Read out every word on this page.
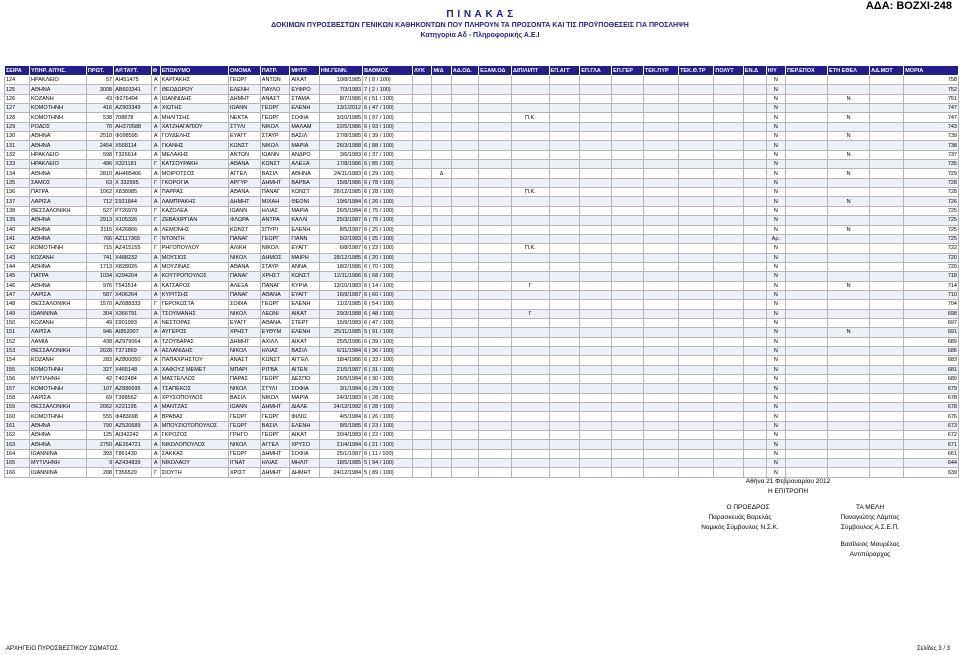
ΑΔΑ: ΒΟΖΧΙ-248
Π Ι Ν Α Κ Α Σ
ΔΟΚΙΜΩΝ ΠΥΡΟΣΒΕΣΤΩΝ ΓΕΝΙΚΩΝ ΚΑΘΗΚΟΝΤΩΝ ΠΟΥ ΠΛΗΡΟΥΝ ΤΑ ΠΡΟΣΟΝΤΑ ΚΑΙ ΤΙΣ ΠΡΟΫΠΟΘΕΣΕΙΣ ΓΙΑ ΠΡΟΣΛΗΨΗ
Κατηγορία Αδ - Πληροφορικής Α.Ε.Ι
ΣΕΙΡΑ	ΥΠΗΡ. ΑΙΤΗΣ.	ΠΡΩΤ.	ΑΡ.ΤΑΥΤ.	Φ	ΕΠΩΝΥΜΟ	ΟΝΟΜΑ	ΠΑΤΡ.	ΜΗΤΡ.	ΗΜ.ΓΕΝΝ.	ΒΑΘΜΟΣ	ΛΥΚ	Μ/Δ	ΑΔ.ΟΔ.	ΕΞΑΜ.ΟΔ	ΔΙΠ/ΛΙ/ΠΤ	ΕΠ.ΑΓΓ	ΕΠ.ΓΛΑ	ΕΠ.ΓΕΡ	ΤΕΚ.ΠΥΡ	ΤΕΚ.Θ.ΤΡ	ΠΟΛΥΤ	ΕΝ.Δ	Η/Υ	ΠΕΡ.ΕΠΟΧ	ΕΤΗ ΕΘΕΛ	ΑΔ.ΜΟΤ	ΜΟΡΙΑ
124	ΗΡΑΚΛΕΙΟ	57	ΑΙ451475	Α	ΚΑΡΓΑΚΗΣ	ΓΕΩΡΓ	ΑΝΤΩΝ	ΑΙΚΑΤ	10/8/1985	7 ( 8 / 100)													N				758
125	ΑΘΗΝΑ	3008	ΑΒ603341	Γ	ΘΕΟΔΩΡΟΥ	ΕΛΕΝΗ	ΠΑΥΛΟ	ΕΥΦΡΟ	7/3/1983	7 ( 2 / 100)													N				752
126	ΚΟΖΑΝΗ	43	Φ276404	Α	ΙΩΑΝΝΙΔΗΣ	ΔΗΜΗΤ	ΑΝΑΣΤ	ΣΤΑΜΑ	8/7/1986	6 ( 51 / 100)													N		N		751
127	ΚΟΜΟΤΗΝΗ	416	ΑΖ903349	Α	ΧΙΩΤΗΣ	ΙΩΑΝΝ	ΓΕΩΡΓ	ΕΛΕΝΗ	13/1/2012	6 ( 47 / 100)													N				747
128	ΚΟΜΟΤΗΝΗ	538	708878	Α	ΜΗΛΙΤΣΗΣ	ΝΕΚΤΑ	ΓΕΩΡΓ	ΣΟΦΙΑ	3/10/1985	5 ( 97 / 100)					Π.Κ.								N		N		747
129	ΡΟΔΟΣ	70	ΑΗ370588	Α	ΧΑΤΖΗΑΓΑΠΙΟΥ	ΣΤΥΛΙ	ΝΙΚΟΛ	ΜΑΛΑΜ	22/5/1986	6 ( 93 / 100)													N				743
130	ΑΘΗΝΑ	2510	Φ098595	Α	ΓΟΥΔΕΛΗΣ	ΕΥΑΓΓ	ΣΤΑΥΡ	ΒΑΣΙΛ	27/8/1985	6 ( 39 / 100)													N		N		739
131	ΑΘΗΝΑ	2454	Χ568114	Α	ΓΚΑΝΗΣ	ΚΩΝΣΤ	ΝΙΚΟΛ	ΜΑΡΙΑ	26/3/1988	6 ( 88 / 100)													N				738
132	ΗΡΑΚΛΕΙΟ	598	Τ326614	Α	ΜΕΛΑΚΗΣ	ΑΝΤΩΝ	ΙΩΑΝΝ	ΑΝΔΡΟ	3/6/1983	6 ( 37 / 100)													N		N		737
133	ΗΡΑΚΛΕΙΟ	496	Χ321181	Γ	ΚΑΤΣΟΥΡΑΚΗ	ΑΘΑΝΑ	ΚΩΝΣΤ	ΑΛΕΞΑ	17/8/1986	6 ( 85 / 100)													N				735
134	ΑΘΗΝΑ	2810	ΑΗ485406	Α	ΜΟΙΡΟΤΣΟΣ	ΑΓΓΕΛ	ΒΑΣΙΛ	ΑΘΗΝΑ	24/11/1983	6 ( 29 / 100)		Δ											N		N		729
135	ΣΑΜΟΣ	63	Χ 332995	Γ	ΓΚΟΡΟΓΙΑ	ΑΡΓΥΡ	ΔΗΜΗΤ	ΒΑΡΒΑ	15/8/1986	6 ( 78 / 100)													N				728
136	ΠΑΤΡΑ	1062	Χ838985	Α	ΠΑΡΡΑΣ	ΑΘΑΝΑ	ΠΑΝΑΓ	ΚΩΝΣΤ	26/12/1985	6 ( 28 / 100)					Π.Κ.								N				728
137	ΛΑΡΙΣΑ	712	Σ921844	Α	ΛΑΜΠΡΑΚΗΣ	ΔΗΜΗΤ	ΜΙΧΑΗ	ΘΕΟΝΙ	19/6/1984	6 ( 26 / 100)													N		N		726
138	ΘΕΣΣΑΛΟΝΙΚΗ	527	Ρ726979	Γ	ΚΑΖΟΛΕΑ	ΙΩΑΝΝ	ΗΛΙΑΣ	ΜΑΡΙΑ	26/5/1984	6 ( 75 / 100)													N				725
139	ΑΘΗΝΑ	2913	Χ105326	Γ	ΖΕΒΑΧΙΡΓΙΑΝ	ΦΛΩΡΑ	ΑΝΤΡΑ	ΚΑΛΛΙ	25/3/1987	6 ( 75 / 100)													N				725
140	ΑΘΗΝΑ	3115	Χ426866	Α	ΛΕΜΟΝΗΣ	ΚΩΝΣΤ	ΣΠΥΡΙ	ΕΛΕΝΗ	8/5/1987	6 ( 25 / 100)													N		N		725
141	ΑΘΗΝΑ	766	ΑΖ117365	Γ	ΝΤΟΝΤΗ	ΠΑΝΑΓ	ΓΕΩΡΓ	ΓΙΑΝΝ	5/2/1983	6 ( 25 / 100)													Αρ.				725
142	ΚΟΜΟΤΗΝΗ	715	ΑΖ415155	Γ	ΡΗΓΟΠΟΥΛΟΥ	ΑΛΙΚΗ	ΝΙΚΟΛ	ΕΥΑΓΓ	6/8/1987	6 ( 22 / 100)					Π.Κ.								N				722
143	ΚΟΖΑΝΗ	741	Χ488232	Α	ΜΟΥΣΙΟΣ	ΝΙΚΟΛ	ΔΗΜΟΣ	ΜΑΙΡΗ	28/12/1985	6 ( 20 / 100)													N				720
144	ΑΘΗΝΑ	1713	Χ828026	Α	ΜΟΥΖΙΝΑΣ	ΑΘΑΝΑ	ΣΤΑΥΡ	ΑΝΝΑ	18/2/1986	6 ( 70 / 100)													N				720
145	ΠΑΤΡΑ	1034	Χ294204	Α	ΚΟΥΤΡΟΠΟΥΛΟΣ	ΠΑΝΑΓ	ΧΡΗΣΤ	ΚΩΝΣΤ	12/11/1986	6 ( 68 / 100)													N				718
146	ΑΘΗΝΑ	976	Τ541514	Α	ΚΑΤΣΑΡΟΣ	ΑΛΕΞΑ	ΠΑΝΑΓ	ΚΥΡΙΑ	13/10/1983	6 ( 14 / 100)					Γ								N		N		714
147	ΛΑΡΙΣΑ	587	Χ406264	Α	ΚΥΡΙΤΣΗΣ	ΠΑΝΑΓ	ΑΘΑΝΑ	ΕΥΑΓΓ	16/9/1987	6 ( 60 / 100)													N				710
148	ΘΕΣΣΑΛΟΝΙΚΗ	1570	ΑΖ688333	Γ	ΓΕΡΟΚΩΣΤΑ	ΣΟΦΙΑ	ΓΕΩΡΓ	ΕΛΕΝΗ	11/2/1985	6 ( 54 / 100)													N				704
149	ΙΩΑΝΝΙΝΑ	304	Χ366791	Α	ΤΣΟΥΜΑΝΗΣ	ΝΙΚΟΛ	ΛΕΩΝΙ	ΑΙΚΑΤ	29/3/1988	6 ( 48 / 100)					Γ								N				698
150	ΚΟΖΑΝΗ	49	Σ901993	Α	ΝΕΣΤΟΡΑΣ	ΕΥΑΓΓ	ΑΘΑΝΑ	ΣΤΕΡΓ	15/9/1983	6 ( 47 / 100)													N				697
151	ΛΑΡΙΣΑ	946	ΑΙ852007	Α	ΑΥΓΕΡΟΣ	ΧΡΗΣΤ	ΕΥΘΥΜ	ΕΛΕΝΗ	25/11/1985	5 ( 91 / 100)													N		N		691
152	ΛΑΜΙΑ	438	ΑΖ979064	Α	ΤΖΟΥΒΑΡΑΣ	ΔΗΜΗΤ	ΑΧΙΛΛ	ΑΙΚΑΤ	25/5/1986	6 ( 39 / 100)													N				689
153	ΘΕΣΣΑΛΟΝΙΚΗ	2028	Τ371869	Α	ΑΣΛΑΝΙΔΗΣ	ΝΙΚΟΛ	ΗΛΙΑΣ	ΒΑΣΙΛ	6/11/1984	6 ( 36 / 100)													N				686
154	ΚΟΖΑΝΗ	283	ΑΖ800050	Α	ΠΑΠΑΧΡΗΣΤΟΥ	ΑΝΑΣΤ	ΚΩΝΣΤ	ΑΓΓΕΛ	18/4/1986	6 ( 33 / 100)													N				683
155	ΚΟΜΟΤΗΝΗ	327	Χ465148	Α	ΧΑΦΟΥΖ ΜΕΜΕΤ	ΜΠΑΡΙ	ΡΙΤΒΑ	ΑΙΤΕΝ	21/5/1987	6 ( 31 / 100)													N				681
156	ΜΥΤΙΛΗΝΗ	42	Τ402484	Α	ΜΑΣΤΕΛΛΟΣ	ΠΑΡΑΣ	ΓΕΩΡΓ	ΔΕΣΠΟ	26/5/1984	6 ( 30 / 100)													N				680
157	ΚΟΜΟΤΗΝΗ	107	ΑΖ886695	Α	ΤΣΑΠΕΚΟΣ	ΝΙΚΟΛ	ΣΤΥΛΙ	ΣΟΦΙΑ	3/1/1984	6 ( 29 / 100)													N				679
158	ΛΑΡΙΣΑ	69	Τ398562	Α	ΧΡΥΣΟΠΟΥΛΟΣ	ΒΑΣΙΛ	ΝΙΚΟΛ	ΜΑΡΙΑ	24/3/1983	6 ( 28 / 100)													N				678
159	ΘΕΣΣΑΛΟΝΙΚΗ	2062	Χ221195	Α	ΜΑΝΤΖΑΣ	ΙΩΑΝΝ	ΔΗΜΗΤ	ΔΙΑΛΕ	24/12/1982	6 ( 28 / 100)													N				678
160	ΚΟΜΟΤΗΝΗ	555	Φ483698	Α	ΒΡΑΒΑΣ	ΓΕΩΡΓ	ΓΕΩΡΓ	ΦΙΛΙΩ	4/5/1984	6 ( 26 / 100)													N				676
161	ΑΘΗΝΑ	790	ΑΖ520689	Α	ΜΠΟΥΖΙΟΤΟΠΟΥΛΟΣ	ΓΕΩΡΓ	ΒΑΣΙΛ	ΕΛΕΝΗ	8/5/1985	6 ( 23 / 100)													N				673
162	ΑΘΗΝΑ	125	ΑΙ342242	Α	ΓΚΡΟΖΟΣ	ΓΡΗΓΟ	ΓΕΩΡΓ	ΑΙΚΑΤ	30/4/1983	6 ( 22 / 100)													N				672
163	ΑΘΗΝΑ	2750	ΑΕ264721	Α	ΝΙΚΟΛΟΠΟΥΛΟΣ	ΝΙΚΟΛ	ΑΓΓΕΛ	ΧΡΥΣΟ	21/4/1984	6 ( 21 / 100)													N				671
164	ΙΩΑΝΝΙΝΑ	393	Τ861430	Α	ΣΑΚΚΑΣ	ΓΕΩΡΓ	ΔΗΜΗΤ	ΣΟΦΙΑ	25/1/1987	6 ( 11 / 100)													N				661
165	ΜΥΤΙΛΗΝΗ	9	ΑΖ434839	Α	ΝΙΚΟΛΑΟΥ	ΙΓΝΑΤ	ΗΛΙΑΣ	ΜΗΛΙΤ	18/5/1985	5 ( 94 / 100)													N				644
166	ΙΩΑΝΝΙΝΑ	208	Τ356529	Γ	ΣΙΟΥΤΗ	ΧΡΙΣΤ	ΔΗΜΗΤ	ΔΗΜΗΤ	24/12/1984	5 ( 89 / 100)													N				639
Αθήνα 21 Φεβρουαρίου 2012
Η ΕΠΙΤΡΟΠΗ
Ο ΠΡΟΕΔΡΟΣ	ΤΑ ΜΕΛΗ
Παρασκευάς Βαρελάς	Παναγιώτης Λάμπος
Νομικός Σύμβουλος Ν.Σ.Κ.	Σύμβουλος Α.Σ.Ε.Π.
Βασίλειος Μαυρέλος
Αντιπύραρχος
ΑΡΧΗΓΕΙΟ ΠΥΡΟΣΒΕΣΤΙΚΟΥ ΣΩΜΑΤΟΣ	Σελίδες 3 / 3
